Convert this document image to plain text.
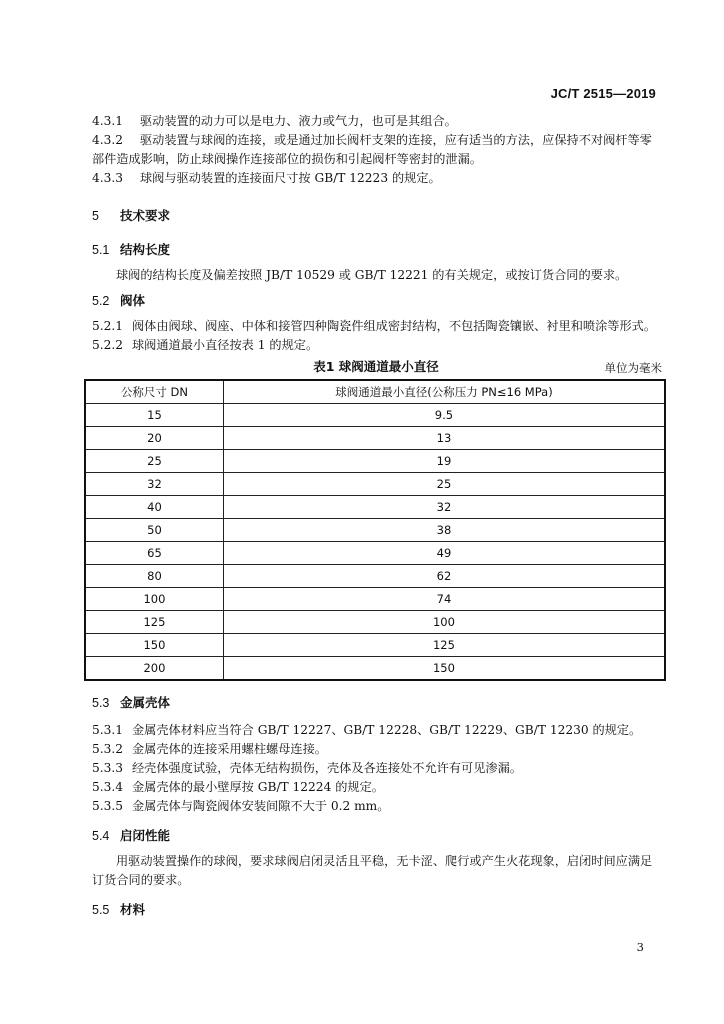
JC/T 2515—2019

4.3.1 驱动装置的动力可以是电力、液力或气力，也可是其组合。

4.3.2 驱动装置与球阀的连接，或是通过加长阀杆支架的连接，应有适当的方法，应保持不对阀杆等零部件造成影响，防止球阀操作连接部位的损伤和引起阀杆等密封的泄漏。

4.3.3 球阀与驱动装置的连接面尺寸按 GB/T 12223 的规定。

5 技术要求

5.1 结构长度

球阀的结构长度及偏差按照 JB/T 10529 或 GB/T 12221 的有关规定，或按订货合同的要求。

5.2 阀体

5.2.1 阀体由阀球、阀座、中体和接管四种陶瓷件组成密封结构，不包括陶瓷镶嵌、衬里和喷涂等形式。

5.2.2 球阀通道最小直径按表 1 的规定。

表1 球阀通道最小直径	单位为毫米
公称尺寸 DN	球阀通道最小直径(公称压力 PN≤16 MPa)
15	9.5
20	13
25	19
32	25
40	32
50	38
65	49
80	62
100	74
125	100
150	125
200	150

5.3 金属壳体

5.3.1 金属壳体材料应当符合 GB/T 12227、GB/T 12228、GB/T 12229、GB/T 12230 的规定。

5.3.2 金属壳体的连接采用螺柱螺母连接。

5.3.3 经壳体强度试验，壳体无结构损伤，壳体及各连接处不允许有可见渗漏。

5.3.4 金属壳体的最小壁厚按 GB/T 12224 的规定。

5.3.5 金属壳体与陶瓷阀体安装间隙不大于 0.2 mm。

5.4 启闭性能

用驱动装置操作的球阀，要求球阀启闭灵活且平稳，无卡涩、爬行或产生火花现象，启闭时间应满足订货合同的要求。

5.5 材料

3
